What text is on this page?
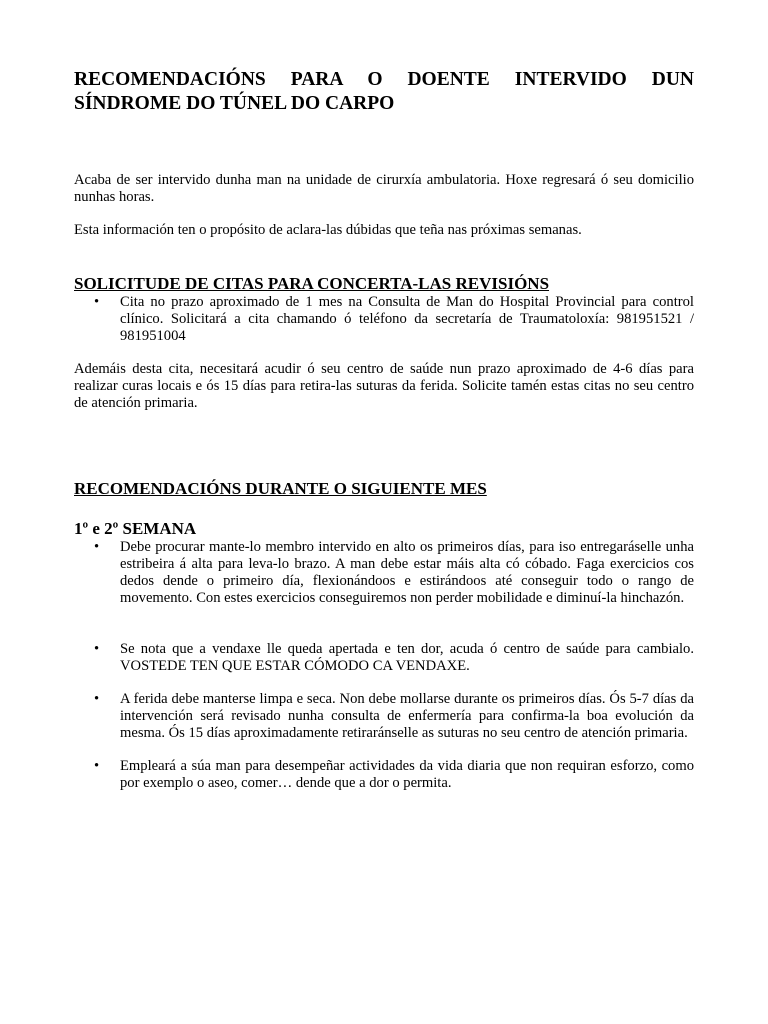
RECOMENDACIÓNS PARA O DOENTE INTERVIDO DUN SÍNDROME DO TÚNEL DO CARPO

Acaba de ser intervido dunha man na unidade de cirurxía ambulatoria. Hoxe regresará ó seu domicilio nunhas horas.

Esta información ten o propósito de aclara-las dúbidas que teña nas próximas semanas.

SOLICITUDE DE CITAS PARA CONCERTA-LAS REVISIÓNS
• Cita no prazo aproximado de 1 mes na Consulta de Man do Hospital Provincial para control clínico. Solicitará a cita chamando ó teléfono da secretaría de Traumatoloxía: 981951521 / 981951004

Ademáis desta cita, necesitará acudir ó seu centro de saúde nun prazo aproximado de 4-6 días para realizar curas locais e ós 15 días para retira-las suturas da ferida. Solicite tamén estas citas no seu centro de atención primaria.

RECOMENDACIÓNS DURANTE O SIGUIENTE MES
1º e 2º SEMANA
• Debe procurar mante-lo membro intervido en alto os primeiros días, para iso entregaráselle unha estribeira á alta para leva-lo brazo. A man debe estar máis alta có cóbado. Faga exercicios cos dedos dende o primeiro día, flexionándoos e estirándoos até conseguir todo o rango de movemento. Con estes exercicios conseguiremos non perder mobilidade e diminuí-la hinchazón.
• Se nota que a vendaxe lle queda apertada e ten dor, acuda ó centro de saúde para cambialo. VOSTEDE TEN QUE ESTAR CÓMODO CA VENDAXE.
• A ferida debe manterse limpa e seca. Non debe mollarse durante os primeiros días. Ós 5-7 días da intervención será revisado nunha consulta de enfermería para confirma-la boa evolución da mesma. Ós 15 días aproximadamente retiraránselle as suturas no seu centro de atención primaria.
• Empleará a súa man para desempeñar actividades da vida diaria que non requiran esforzo, como por exemplo o aseo, comer… dende que a dor o permita.
